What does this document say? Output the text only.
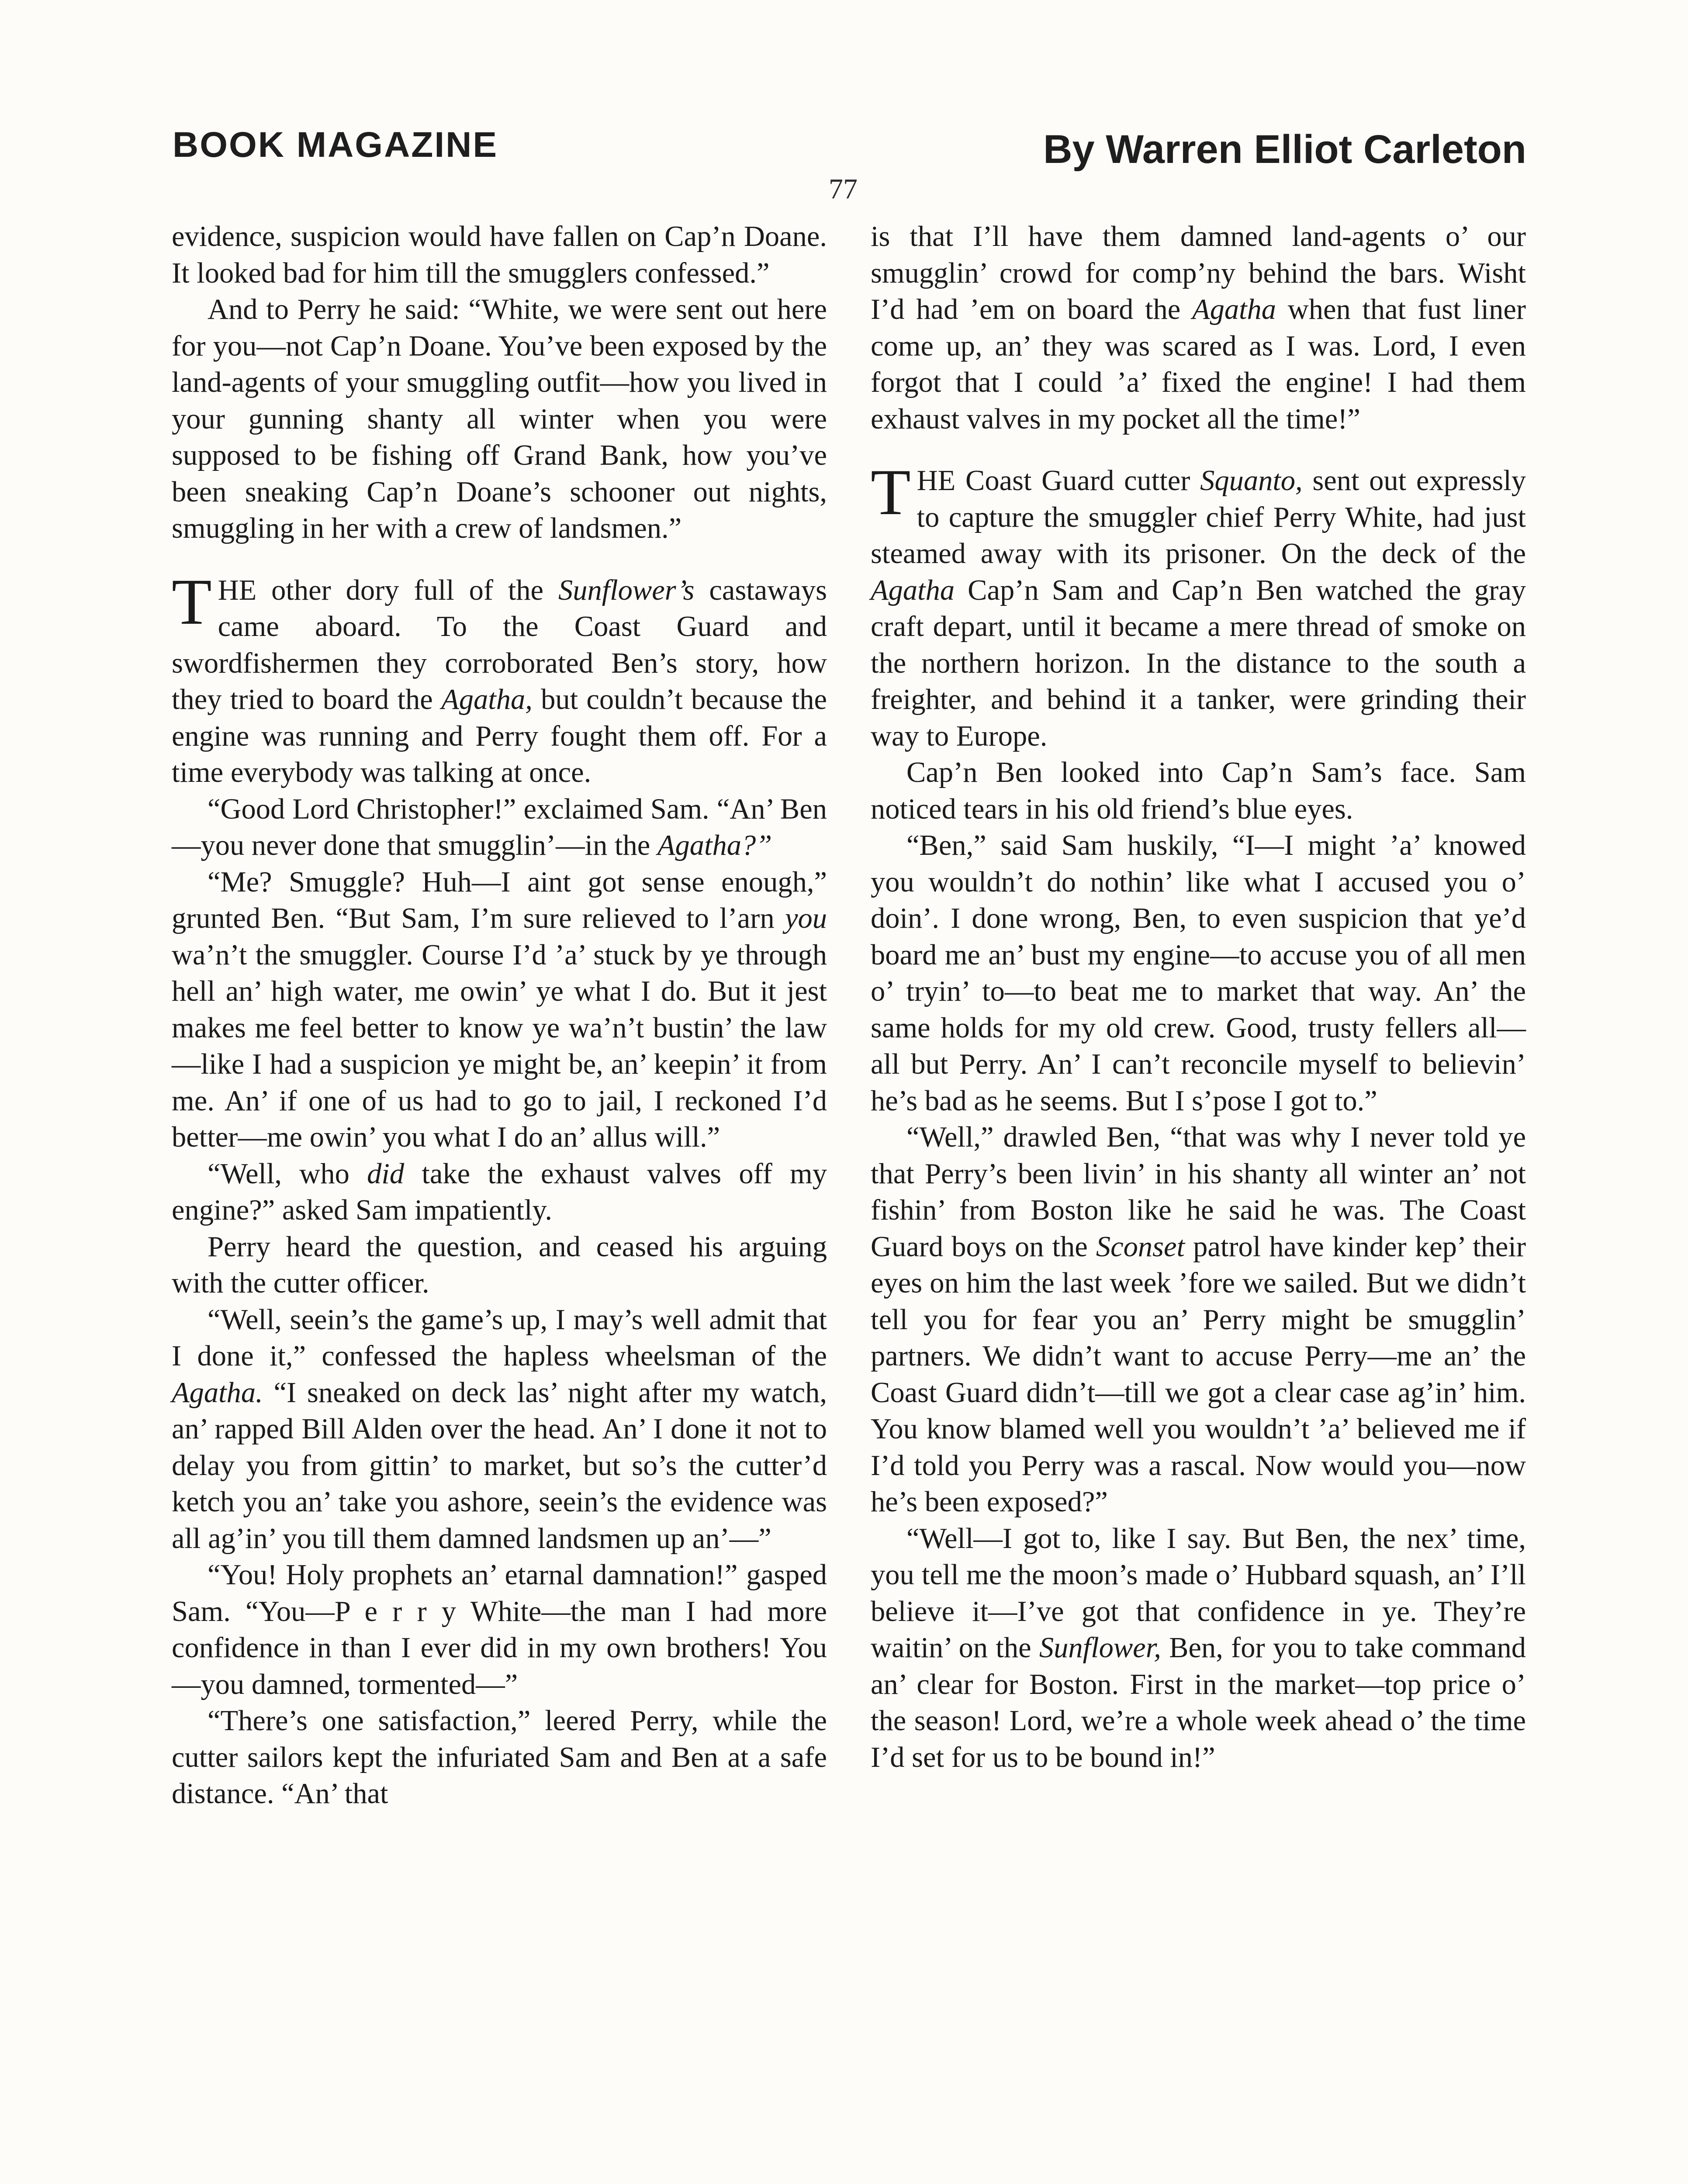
BOOK MAGAZINE	By Warren Elliot Carleton
77

evidence, suspicion would have fallen on Cap’n Doane. It looked bad for him till the smugglers confessed.”

And to Perry he said: “White, we were sent out here for you—not Cap’n Doane. You’ve been exposed by the land-agents of your smuggling outfit—how you lived in your gunning shanty all winter when you were supposed to be fishing off Grand Bank, how you’ve been sneaking Cap’n Doane’s schooner out nights, smuggling in her with a crew of landsmen.”

THE other dory full of the Sunflower’s castaways came aboard. To the Coast Guard and swordfishermen they corroborated Ben’s story, how they tried to board the Agatha, but couldn’t because the engine was running and Perry fought them off. For a time everybody was talking at once.

“Good Lord Christopher!” exclaimed Sam. “An’ Ben—you never done that smugglin’—in the Agatha?”

“Me? Smuggle? Huh—I aint got sense enough,” grunted Ben. “But Sam, I’m sure relieved to l’arn you wa’n’t the smuggler. Course I’d ’a’ stuck by ye through hell an’ high water, me owin’ ye what I do. But it jest makes me feel better to know ye wa’n’t bustin’ the law—like I had a suspicion ye might be, an’ keepin’ it from me. An’ if one of us had to go to jail, I reckoned I’d better—me owin’ you what I do an’ allus will.”

“Well, who did take the exhaust valves off my engine?” asked Sam impatiently.

Perry heard the question, and ceased his arguing with the cutter officer.

“Well, seein’s the game’s up, I may’s well admit that I done it,” confessed the hapless wheelsman of the Agatha. “I sneaked on deck las’ night after my watch, an’ rapped Bill Alden over the head. An’ I done it not to delay you from gittin’ to market, but so’s the cutter’d ketch you an’ take you ashore, seein’s the evidence was all ag’in’ you till them damned landsmen up an’—”

“You! Holy prophets an’ etarnal damnation!” gasped Sam. “You—P e r r y White—the man I had more confidence in than I ever did in my own brothers! You—you damned, tormented—”

“There’s one satisfaction,” leered Perry, while the cutter sailors kept the infuriated Sam and Ben at a safe distance. “An’ that

is that I’ll have them damned land-agents o’ our smugglin’ crowd for comp’ny behind the bars. Wisht I’d had ’em on board the Agatha when that fust liner come up, an’ they was scared as I was. Lord, I even forgot that I could ’a’ fixed the engine! I had them exhaust valves in my pocket all the time!”

THE Coast Guard cutter Squanto, sent out expressly to capture the smuggler chief Perry White, had just steamed away with its prisoner. On the deck of the Agatha Cap’n Sam and Cap’n Ben watched the gray craft depart, until it became a mere thread of smoke on the northern horizon. In the distance to the south a freighter, and behind it a tanker, were grinding their way to Europe.

Cap’n Ben looked into Cap’n Sam’s face. Sam noticed tears in his old friend’s blue eyes.

“Ben,” said Sam huskily, “I—I might ’a’ knowed you wouldn’t do nothin’ like what I accused you o’ doin’. I done wrong, Ben, to even suspicion that ye’d board me an’ bust my engine—to accuse you of all men o’ tryin’ to—to beat me to market that way. An’ the same holds for my old crew. Good, trusty fellers all—all but Perry. An’ I can’t reconcile myself to believin’ he’s bad as he seems. But I s’pose I got to.”

“Well,” drawled Ben, “that was why I never told ye that Perry’s been livin’ in his shanty all winter an’ not fishin’ from Boston like he said he was. The Coast Guard boys on the Sconset patrol have kinder kep’ their eyes on him the last week ’fore we sailed. But we didn’t tell you for fear you an’ Perry might be smugglin’ partners. We didn’t want to accuse Perry—me an’ the Coast Guard didn’t—till we got a clear case ag’in’ him. You know blamed well you wouldn’t ’a’ believed me if I’d told you Perry was a rascal. Now would you—now he’s been exposed?”

“Well—I got to, like I say. But Ben, the nex’ time, you tell me the moon’s made o’ Hubbard squash, an’ I’ll believe it—I’ve got that confidence in ye. They’re waitin’ on the Sunflower, Ben, for you to take command an’ clear for Boston. First in the market—top price o’ the season! Lord, we’re a whole week ahead o’ the time I’d set for us to be bound in!”
